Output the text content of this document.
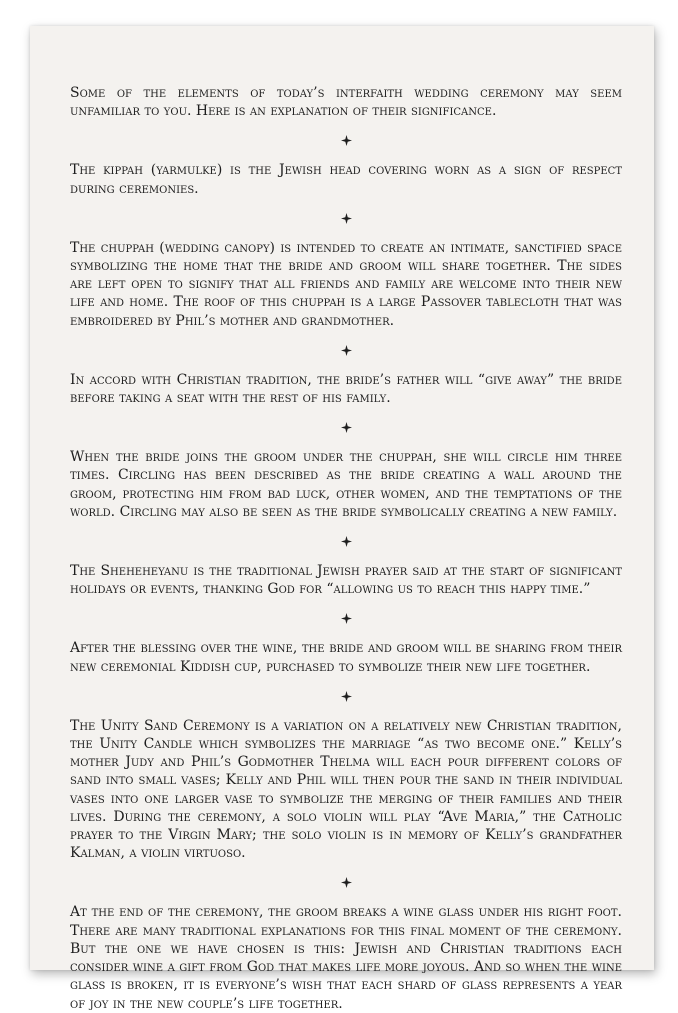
Some of the elements of today’s interfaith wedding ceremony may seem unfamiliar to you. Here is an explanation of their significance.

The kippah (yarmulke) is the Jewish head covering worn as a sign of respect during ceremonies.

The chuppah (wedding canopy) is intended to create an intimate, sanctified space symbolizing the home that the bride and groom will share together. The sides are left open to signify that all friends and family are welcome into their new life and home. The roof of this chuppah is a large Passover tablecloth that was embroidered by Phil’s mother and grandmother.

In accord with Christian tradition, the bride’s father will “give away” the bride before taking a seat with the rest of his family.

When the bride joins the groom under the chuppah, she will circle him three times. Circling has been described as the bride creating a wall around the groom, protecting him from bad luck, other women, and the temptations of the world. Circling may also be seen as the bride symbolically creating a new family.

The Sheheheyanu is the traditional Jewish prayer said at the start of significant holidays or events, thanking God for “allowing us to reach this happy time.”

After the blessing over the wine, the bride and groom will be sharing from their new ceremonial Kiddish cup, purchased to symbolize their new life together.

The Unity Sand Ceremony is a variation on a relatively new Christian tradition, the Unity Candle which symbolizes the marriage “as two become one.” Kelly’s mother Judy and Phil’s Godmother Thelma will each pour different colors of sand into small vases; Kelly and Phil will then pour the sand in their individual vases into one larger vase to symbolize the merging of their families and their lives. During the ceremony, a solo violin will play “Ave Maria,” the Catholic prayer to the Virgin Mary; the solo violin is in memory of Kelly’s grandfather Kalman, a violin virtuoso.

At the end of the ceremony, the groom breaks a wine glass under his right foot. There are many traditional explanations for this final moment of the ceremony. But the one we have chosen is this: Jewish and Christian traditions each consider wine a gift from God that makes life more joyous. And so when the wine glass is broken, it is everyone’s wish that each shard of glass represents a year of joy in the new couple’s life together.
